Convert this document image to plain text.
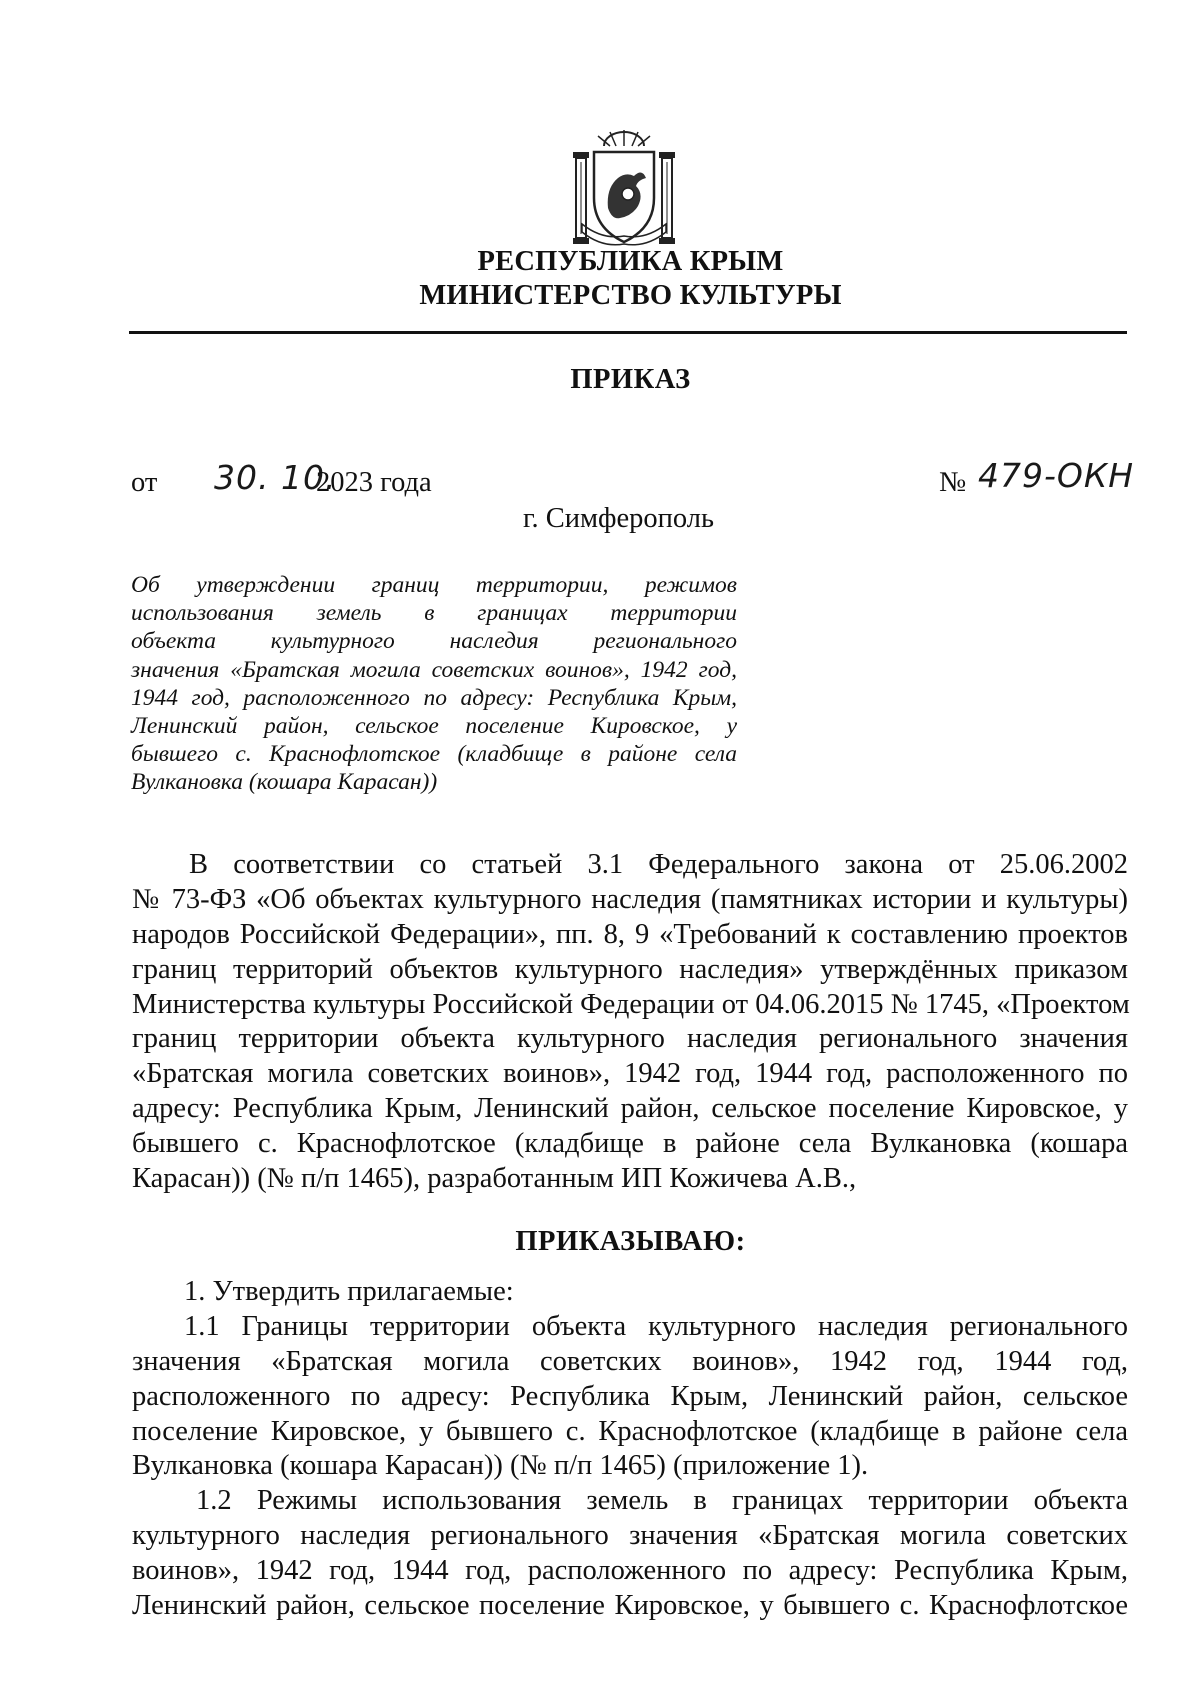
РЕСПУБЛИКА КРЫМ
МИНИСТЕРСТВО КУЛЬТУРЫ
ПРИКАЗ
от 30. 10.
2023 года	№ 479-ОКН
г. Симферополь
Об утверждении границ территории, режимов
использования земель в границах территории
объекта культурного наследия регионального
значения «Братская могила советских воинов», 1942 год,
1944 год, расположенного по адресу: Республика Крым,
Ленинский район, сельское поселение Кировское, у
бывшего с. Краснофлотское (кладбище в районе села
Вулкановка (кошара Карасан))
В соответствии со статьей 3.1 Федерального закона от 25.06.2002
№ 73-ФЗ «Об объектах культурного наследия (памятниках истории и культуры)
народов Российской Федерации», пп. 8, 9 «Требований к составлению проектов
границ территорий объектов культурного наследия» утверждённых приказом
Министерства культуры Российской Федерации от 04.06.2015 № 1745, «Проектом
границ территории объекта культурного наследия регионального значения
«Братская могила советских воинов», 1942 год, 1944 год, расположенного по
адресу: Республика Крым, Ленинский район, сельское поселение Кировское, у
бывшего с. Краснофлотское (кладбище в районе села Вулкановка (кошара
Карасан)) (№ п/п 1465), разработанным ИП Кожичева А.В.,
ПРИКАЗЫВАЮ:
1. Утвердить прилагаемые:
1.1 Границы территории объекта культурного наследия регионального
значения «Братская могила советских воинов», 1942 год, 1944 год,
расположенного по адресу: Республика Крым, Ленинский район, сельское
поселение Кировское, у бывшего с. Краснофлотское (кладбище в районе села
Вулкановка (кошара Карасан)) (№ п/п 1465) (приложение 1).
1.2 Режимы использования земель в границах территории объекта
культурного наследия регионального значения «Братская могила советских
воинов», 1942 год, 1944 год, расположенного по адресу: Республика Крым,
Ленинский район, сельское поселение Кировское, у бывшего с. Краснофлотское
